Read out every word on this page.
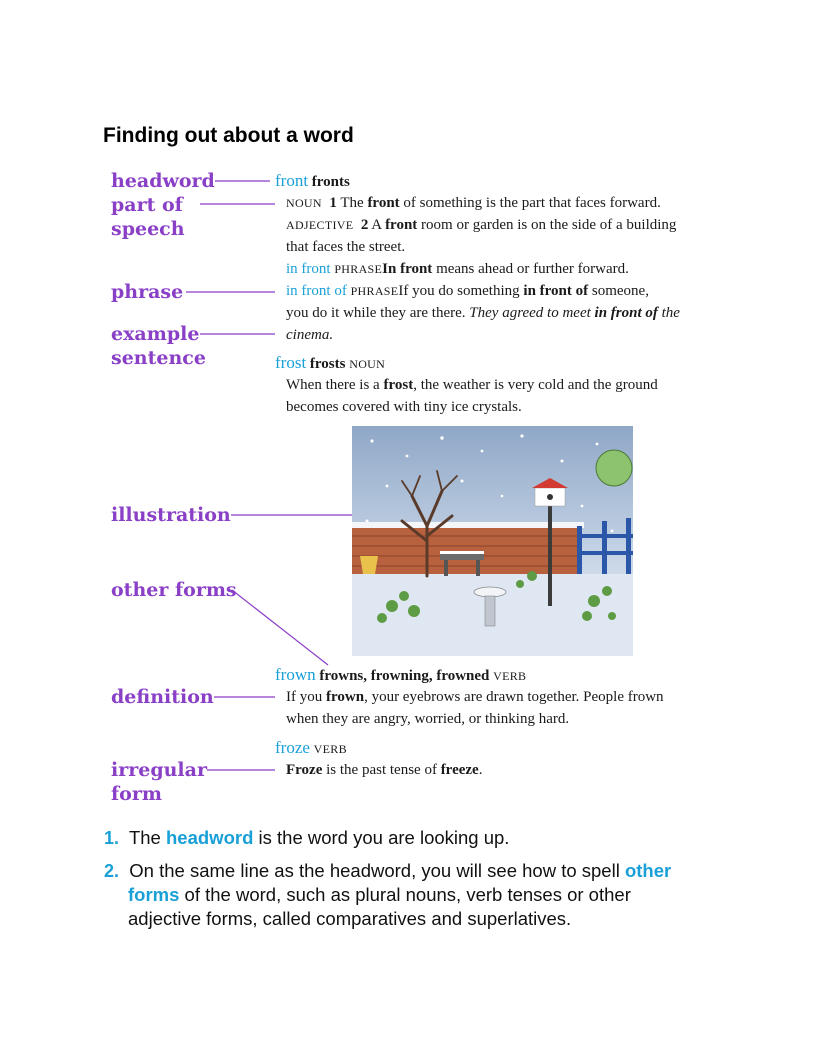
Finding out about a word
headword
part of
speech
phrase
example
sentence
illustration
other forms
definition
irregular
form
front fronts
NOUN 1 The front of something is the part that faces forward.
ADJECTIVE 2 A front room or garden is on the side of a building
that faces the street.
in front PHRASEIn front means ahead or further forward.
in front of PHRASEIf you do something in front of someone,
you do it while they are there. They agreed to meet in front of the
cinema.
frost frosts NOUN
When there is a frost, the weather is very cold and the ground
becomes covered with tiny ice crystals.
frown frowns, frowning, frowned VERB
If you frown, your eyebrows are drawn together. People frown
when they are angry, worried, or thinking hard.
froze VERB
Froze is the past tense of freeze.
1. The headword is the word you are looking up.
2. On the same line as the headword, you will see how to spell other
forms of the word, such as plural nouns, verb tenses or other
adjective forms, called comparatives and superlatives.
